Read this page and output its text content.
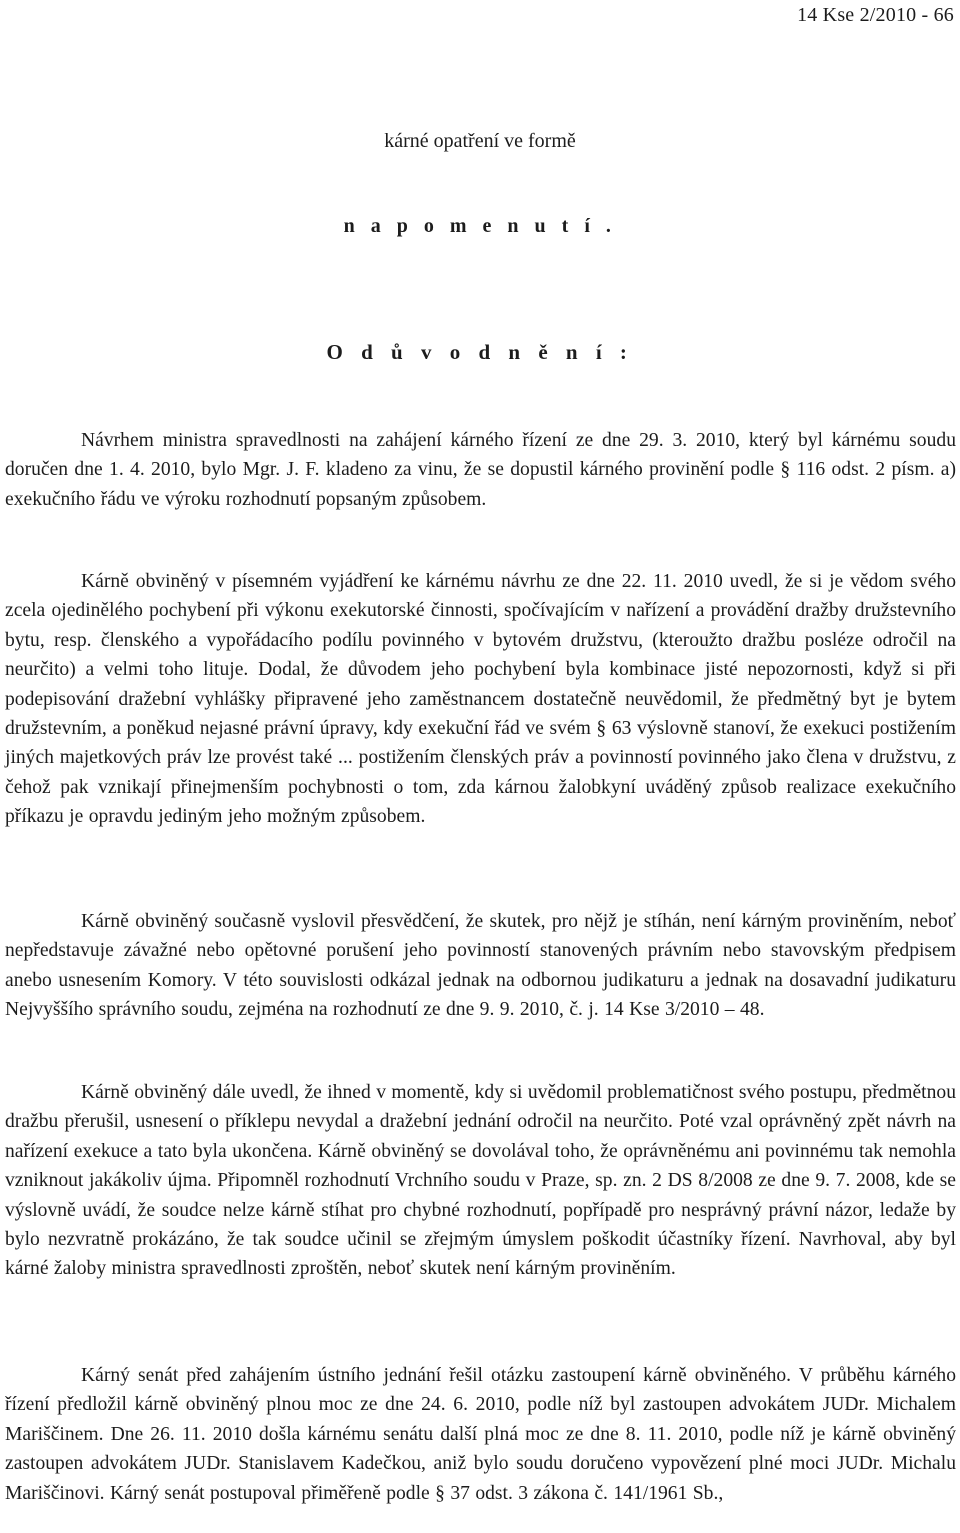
14 Kse 2/2010 - 66
kárné opatření ve formě
n a p o m e n u t í .
O d ů v o d n ě n í :

Návrhem ministra spravedlnosti na zahájení kárného řízení ze dne 29. 3. 2010, který byl kárnému soudu doručen dne 1. 4. 2010, bylo Mgr. J. F. kladeno za vinu, že se dopustil kárného provinění podle § 116 odst. 2 písm. a) exekučního řádu ve výroku rozhodnutí popsaným způsobem.

Kárně obviněný v písemném vyjádření ke kárnému návrhu ze dne 22. 11. 2010 uvedl, že si je vědom svého zcela ojedinělého pochybení při výkonu exekutorské činnosti, spočívajícím v nařízení a provádění dražby družstevního bytu, resp. členského a vypořádacího podílu povinného v bytovém družstvu, (kteroužto dražbu posléze odročil na neurčito) a velmi toho lituje. Dodal, že důvodem jeho pochybení byla kombinace jisté nepozornosti, když si při podepisování dražební vyhlášky připravené jeho zaměstnancem dostatečně neuvědomil, že předmětný byt je bytem družstevním, a poněkud nejasné právní úpravy, kdy exekuční řád ve svém § 63 výslovně stanoví, že exekuci postižením jiných majetkových práv lze provést také ... postižením členských práv a povinností povinného jako člena v družstvu, z čehož pak vznikají přinejmenším pochybnosti o tom, zda kárnou žalobkyní uváděný způsob realizace exekučního příkazu je opravdu jediným jeho možným způsobem.

Kárně obviněný současně vyslovil přesvědčení, že skutek, pro nějž je stíhán, není kárným proviněním, neboť nepředstavuje závažné nebo opětovné porušení jeho povinností stanovených právním nebo stavovským předpisem anebo usnesením Komory. V této souvislosti odkázal jednak na odbornou judikaturu a jednak na dosavadní judikaturu Nejvyššího správního soudu, zejména na rozhodnutí ze dne 9. 9. 2010, č. j. 14 Kse 3/2010 – 48.

Kárně obviněný dále uvedl, že ihned v momentě, kdy si uvědomil problematičnost svého postupu, předmětnou dražbu přerušil, usnesení o příklepu nevydal a dražební jednání odročil na neurčito. Poté vzal oprávněný zpět návrh na nařízení exekuce a tato byla ukončena. Kárně obviněný se dovolával toho, že oprávněnému ani povinnému tak nemohla vzniknout jakákoliv újma. Připomněl rozhodnutí Vrchního soudu v Praze, sp. zn. 2 DS 8/2008 ze dne 9. 7. 2008, kde se výslovně uvádí, že soudce nelze kárně stíhat pro chybné rozhodnutí, popřípadě pro nesprávný právní názor, ledaže by bylo nezvratně prokázáno, že tak soudce učinil se zřejmým úmyslem poškodit účastníky řízení. Navrhoval, aby byl kárné žaloby ministra spravedlnosti zproštěn, neboť skutek není kárným proviněním.

Kárný senát před zahájením ústního jednání řešil otázku zastoupení kárně obviněného. V průběhu kárného řízení předložil kárně obviněný plnou moc ze dne 24. 6. 2010, podle níž byl zastoupen advokátem JUDr. Michalem Mariščinem. Dne 26. 11. 2010 došla kárnému senátu další plná moc ze dne 8. 11. 2010, podle níž je kárně obviněný zastoupen advokátem JUDr. Stanislavem Kadečkou, aniž bylo soudu doručeno vypovězení plné moci JUDr. Michalu Mariščinovi. Kárný senát postupoval přiměřeně podle § 37 odst. 3 zákona č. 141/1961 Sb.,
